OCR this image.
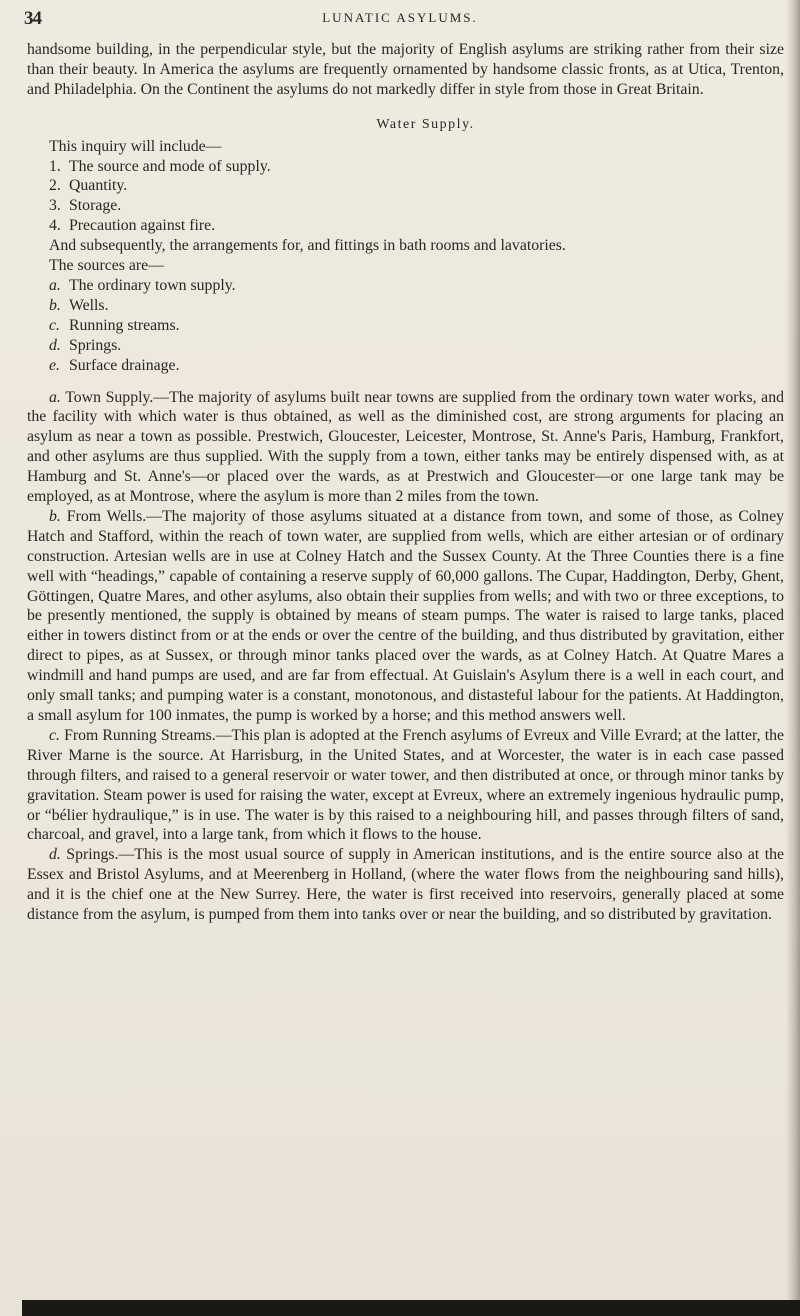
34	LUNATIC ASYLUMS.

handsome building, in the perpendicular style, but the majority of English asylums are striking rather from their size than their beauty. In America the asylums are frequently ornamented by handsome classic fronts, as at Utica, Trenton, and Philadelphia. On the Continent the asylums do not markedly differ in style from those in Great Britain.

Water Supply.

This inquiry will include—

1. The source and mode of supply.
2. Quantity.
3. Storage.
4. Precaution against fire.

And subsequently, the arrangements for, and fittings in bath rooms and lavatories.

The sources are—

a. The ordinary town supply.
b. Wells.
c. Running streams.
d. Springs.
e. Surface drainage.

a. Town Supply.—The majority of asylums built near towns are supplied from the ordinary town water works, and the facility with which water is thus obtained, as well as the diminished cost, are strong arguments for placing an asylum as near a town as possible. Prestwich, Gloucester, Leicester, Montrose, St. Anne's Paris, Hamburg, Frankfort, and other asylums are thus supplied. With the supply from a town, either tanks may be entirely dispensed with, as at Hamburg and St. Anne's—or placed over the wards, as at Prestwich and Gloucester—or one large tank may be employed, as at Montrose, where the asylum is more than 2 miles from the town.

b. From Wells.—The majority of those asylums situated at a distance from town, and some of those, as Colney Hatch and Stafford, within the reach of town water, are supplied from wells, which are either artesian or of ordinary construction. Artesian wells are in use at Colney Hatch and the Sussex County. At the Three Counties there is a fine well with “headings,” capable of containing a reserve supply of 60,000 gallons. The Cupar, Haddington, Derby, Ghent, Göttingen, Quatre Mares, and other asylums, also obtain their supplies from wells; and with two or three exceptions, to be presently mentioned, the supply is obtained by means of steam pumps. The water is raised to large tanks, placed either in towers distinct from or at the ends or over the centre of the building, and thus distributed by gravitation, either direct to pipes, as at Sussex, or through minor tanks placed over the wards, as at Colney Hatch. At Quatre Mares a windmill and hand pumps are used, and are far from effectual. At Guislain's Asylum there is a well in each court, and only small tanks; and pumping water is a constant, monotonous, and distasteful labour for the patients. At Haddington, a small asylum for 100 inmates, the pump is worked by a horse; and this method answers well.

c. From Running Streams.—This plan is adopted at the French asylums of Evreux and Ville Evrard; at the latter, the River Marne is the source. At Harrisburg, in the United States, and at Worcester, the water is in each case passed through filters, and raised to a general reservoir or water tower, and then distributed at once, or through minor tanks by gravitation. Steam power is used for raising the water, except at Evreux, where an extremely ingenious hydraulic pump, or “bélier hydraulique,” is in use. The water is by this raised to a neighbouring hill, and passes through filters of sand, charcoal, and gravel, into a large tank, from which it flows to the house.

d. Springs.—This is the most usual source of supply in American institutions, and is the entire source also at the Essex and Bristol Asylums, and at Meerenberg in Holland, (where the water flows from the neighbouring sand hills), and it is the chief one at the New Surrey. Here, the water is first received into reservoirs, generally placed at some distance from the asylum, is pumped from them into tanks over or near the building, and so distributed by gravitation.
